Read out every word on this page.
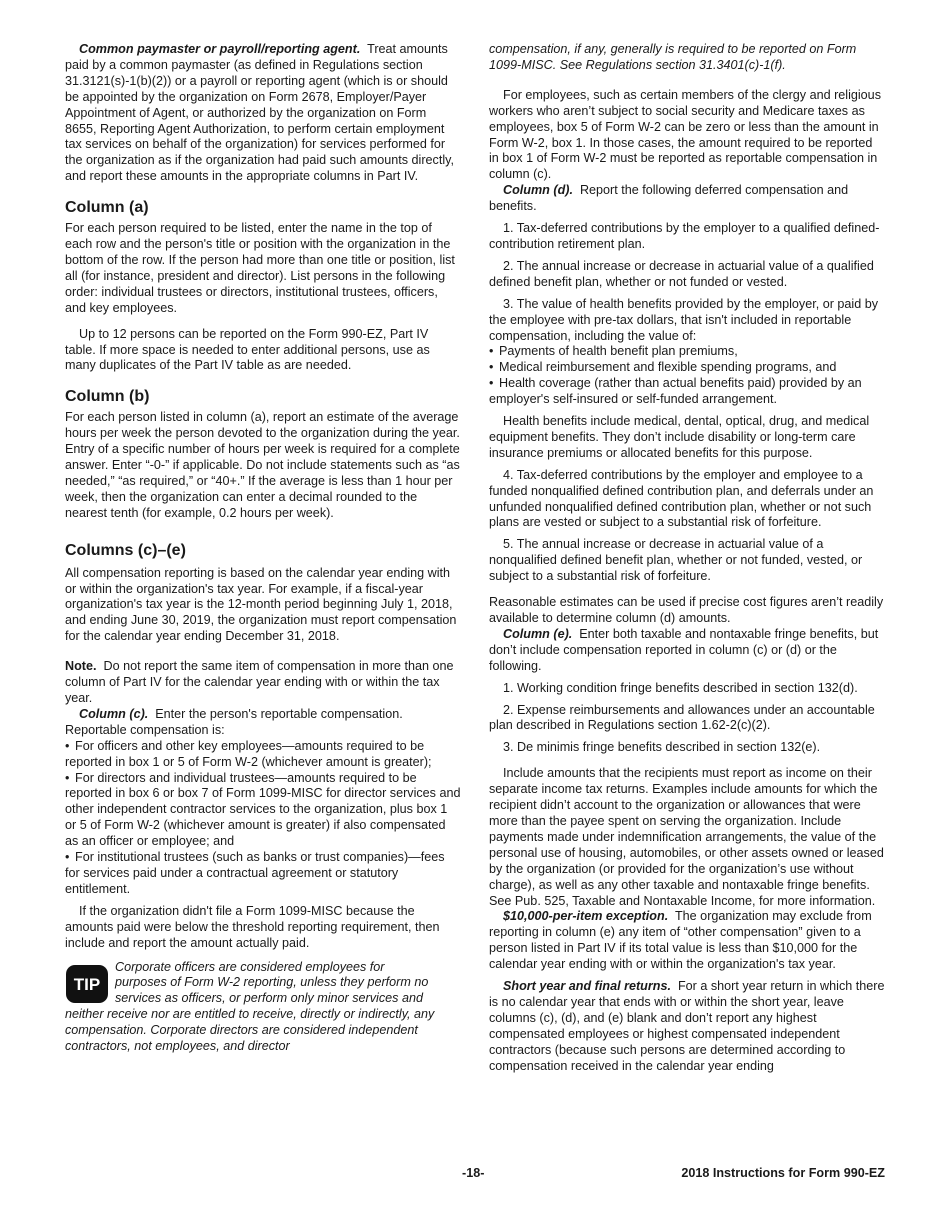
Common paymaster or payroll/reporting agent. Treat amounts paid by a common paymaster (as defined in Regulations section 31.3121(s)-1(b)(2)) or a payroll or reporting agent (which is or should be appointed by the organization on Form 2678, Employer/Payer Appointment of Agent, or authorized by the organization on Form 8655, Reporting Agent Authorization, to perform certain employment tax services on behalf of the organization) for services performed for the organization as if the organization had paid such amounts directly, and report these amounts in the appropriate columns in Part IV.

Column (a)

For each person required to be listed, enter the name in the top of each row and the person's title or position with the organization in the bottom of the row. If the person had more than one title or position, list all (for instance, president and director). List persons in the following order: individual trustees or directors, institutional trustees, officers, and key employees.

Up to 12 persons can be reported on the Form 990-EZ, Part IV table. If more space is needed to enter additional persons, use as many duplicates of the Part IV table as are needed.

Column (b)

For each person listed in column (a), report an estimate of the average hours per week the person devoted to the organization during the year. Entry of a specific number of hours per week is required for a complete answer. Enter “-0-” if applicable. Do not include statements such as “as needed,” “as required,” or “40+.” If the average is less than 1 hour per week, then the organization can enter a decimal rounded to the nearest tenth (for example, 0.2 hours per week).

Columns (c)–(e)

All compensation reporting is based on the calendar year ending with or within the organization's tax year. For example, if a fiscal-year organization's tax year is the 12-month period beginning July 1, 2018, and ending June 30, 2019, the organization must report compensation for the calendar year ending December 31, 2018.

Note. Do not report the same item of compensation in more than one column of Part IV for the calendar year ending with or within the tax year.

Column (c). Enter the person's reportable compensation. Reportable compensation is:

• For officers and other key employees—amounts required to be reported in box 1 or 5 of Form W-2 (whichever amount is greater);

• For directors and individual trustees—amounts required to be reported in box 6 or box 7 of Form 1099-MISC for director services and other independent contractor services to the organization, plus box 1 or 5 of Form W-2 (whichever amount is greater) if also compensated as an officer or employee; and

• For institutional trustees (such as banks or trust companies)—fees for services paid under a contractual agreement or statutory entitlement.

If the organization didn't file a Form 1099-MISC because the amounts paid were below the threshold reporting requirement, then include and report the amount actually paid.

TIP
Corporate officers are considered employees for
purposes of Form W-2 reporting, unless they perform no
services as officers, or perform only minor services and
neither receive nor are entitled to receive, directly or indirectly, any compensation. Corporate directors are considered independent contractors, not employees, and director

compensation, if any, generally is required to be reported on Form 1099-MISC. See Regulations section 31.3401(c)-1(f).

For employees, such as certain members of the clergy and religious workers who aren’t subject to social security and Medicare taxes as employees, box 5 of Form W-2 can be zero or less than the amount in Form W-2, box 1. In those cases, the amount required to be reported in box 1 of Form W-2 must be reported as reportable compensation in column (c).

Column (d). Report the following deferred compensation and benefits.

1. Tax-deferred contributions by the employer to a qualified defined-contribution retirement plan.

2. The annual increase or decrease in actuarial value of a qualified defined benefit plan, whether or not funded or vested.

3. The value of health benefits provided by the employer, or paid by the employee with pre-tax dollars, that isn't included in reportable compensation, including the value of:

• Payments of health benefit plan premiums,

• Medical reimbursement and flexible spending programs, and

• Health coverage (rather than actual benefits paid) provided by an employer's self-insured or self-funded arrangement.

Health benefits include medical, dental, optical, drug, and medical equipment benefits. They don’t include disability or long-term care insurance premiums or allocated benefits for this purpose.

4. Tax-deferred contributions by the employer and employee to a funded nonqualified defined contribution plan, and deferrals under an unfunded nonqualified defined contribution plan, whether or not such plans are vested or subject to a substantial risk of forfeiture.

5. The annual increase or decrease in actuarial value of a nonqualified defined benefit plan, whether or not funded, vested, or subject to a substantial risk of forfeiture.

Reasonable estimates can be used if precise cost figures aren’t readily available to determine column (d) amounts.

Column (e). Enter both taxable and nontaxable fringe benefits, but don’t include compensation reported in column (c) or (d) or the following.

1. Working condition fringe benefits described in section 132(d).

2. Expense reimbursements and allowances under an accountable plan described in Regulations section 1.62-2(c)(2).

3. De minimis fringe benefits described in section 132(e).

Include amounts that the recipients must report as income on their separate income tax returns. Examples include amounts for which the recipient didn’t account to the organization or allowances that were more than the payee spent on serving the organization. Include payments made under indemnification arrangements, the value of the personal use of housing, automobiles, or other assets owned or leased by the organization (or provided for the organization’s use without charge), as well as any other taxable and nontaxable fringe benefits. See Pub. 525, Taxable and Nontaxable Income, for more information.

$10,000-per-item exception. The organization may exclude from reporting in column (e) any item of “other compensation” given to a person listed in Part IV if its total value is less than $10,000 for the calendar year ending with or within the organization's tax year.

Short year and final returns. For a short year return in which there is no calendar year that ends with or within the short year, leave columns (c), (d), and (e) blank and don’t report any highest compensated employees or highest compensated independent contractors (because such persons are determined according to compensation received in the calendar year ending

-18-	2018 Instructions for Form 990-EZ
